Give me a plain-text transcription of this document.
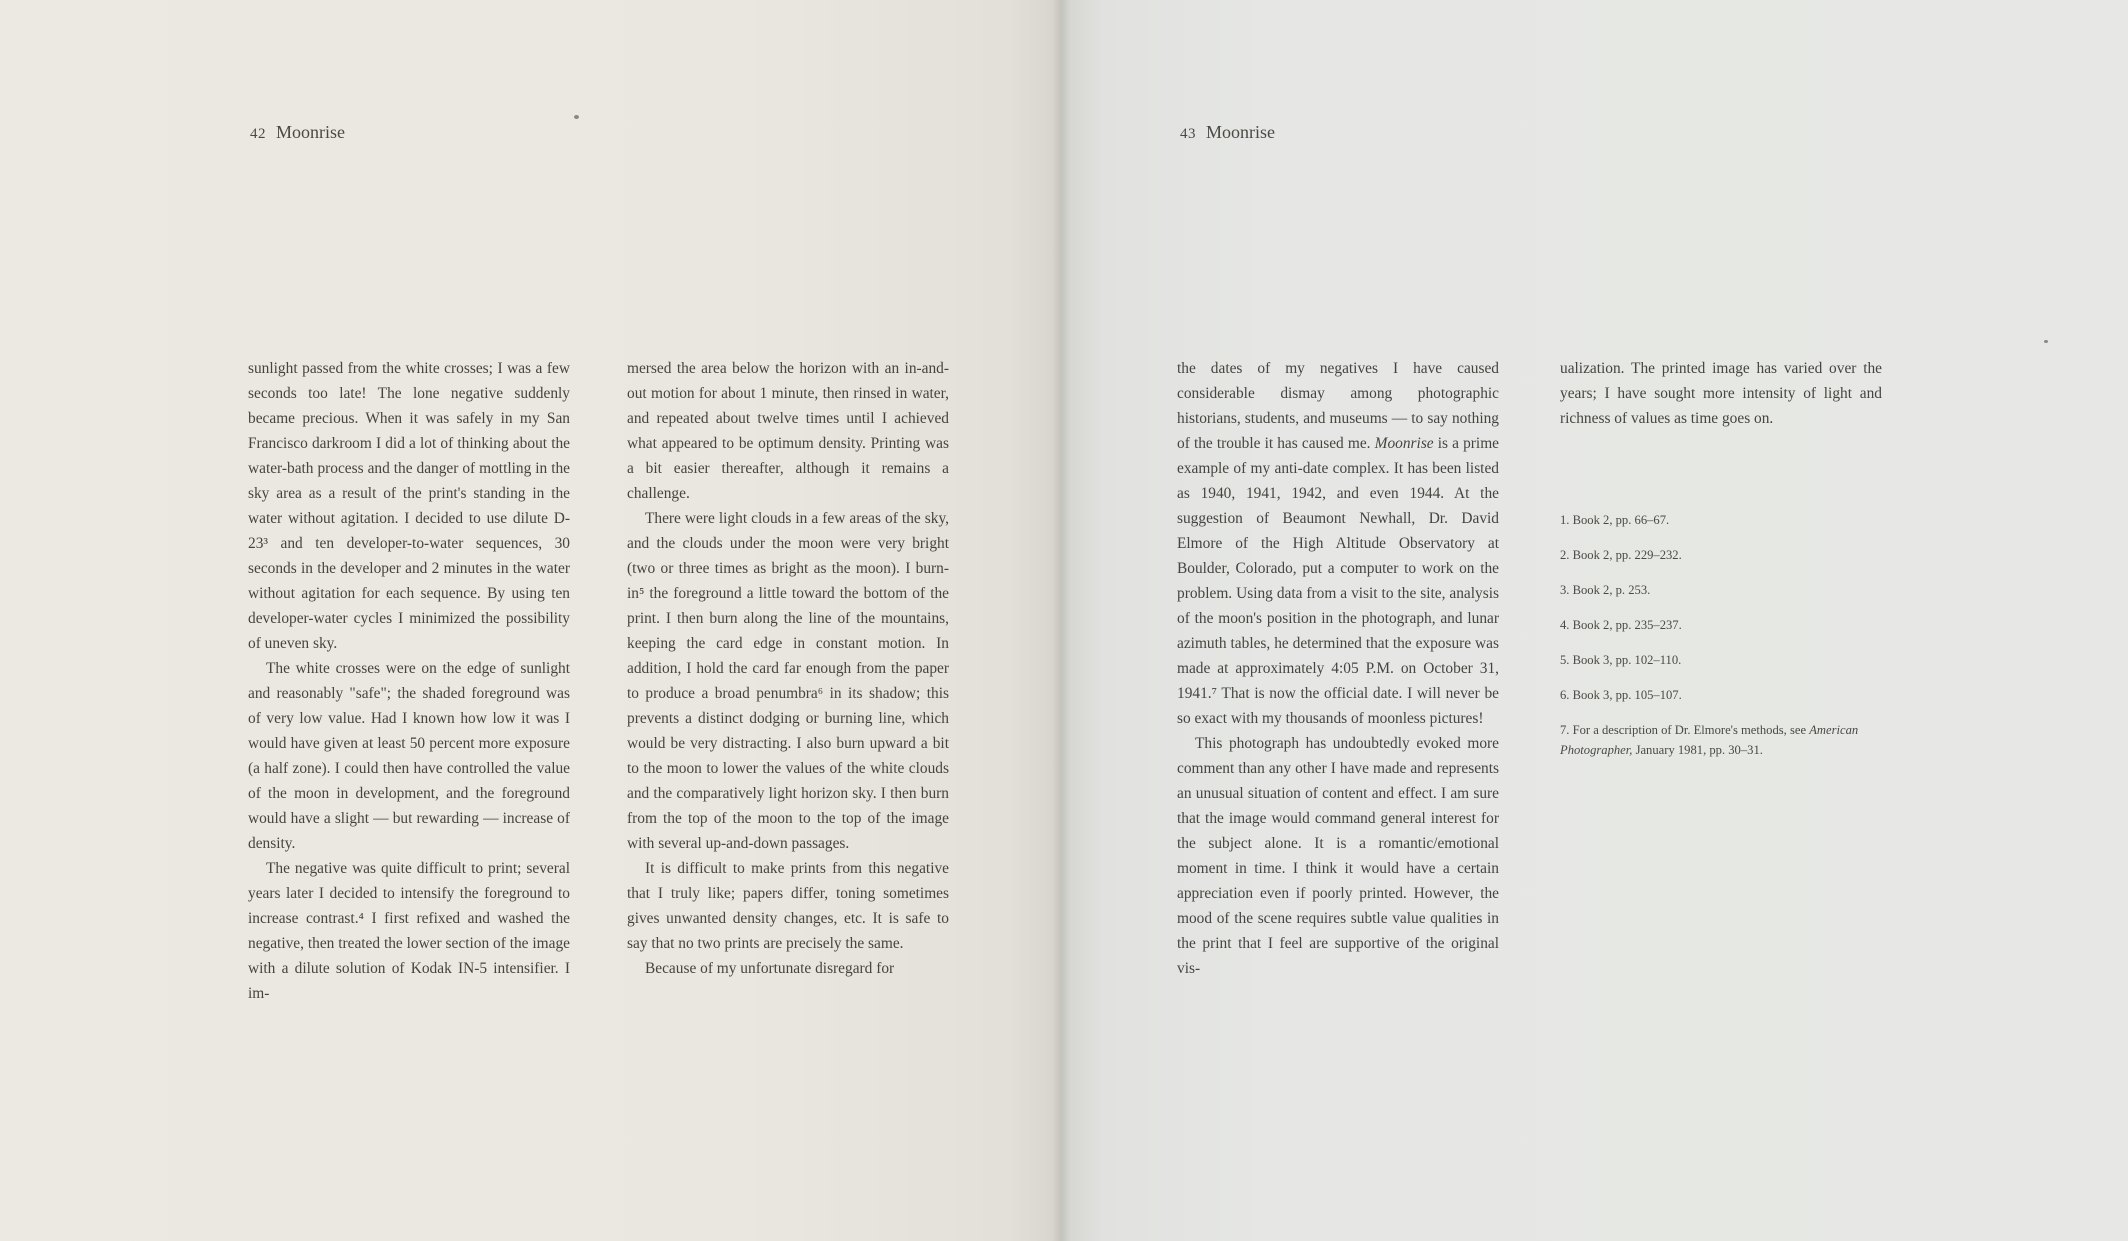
42 Moonrise

sunlight passed from the white crosses; I was a few seconds too late! The lone negative suddenly became precious. When it was safely in my San Francisco darkroom I did a lot of thinking about the water-bath process and the danger of mottling in the sky area as a result of the print's standing in the water without agitation. I decided to use dilute D-23³ and ten developer-to-water sequences, 30 seconds in the developer and 2 minutes in the water without agitation for each sequence. By using ten developer-water cycles I minimized the possibility of uneven sky.

The white crosses were on the edge of sunlight and reasonably "safe"; the shaded foreground was of very low value. Had I known how low it was I would have given at least 50 percent more exposure (a half zone). I could then have controlled the value of the moon in development, and the foreground would have a slight — but rewarding — increase of density.

The negative was quite difficult to print; several years later I decided to intensify the foreground to increase contrast.⁴ I first refixed and washed the negative, then treated the lower section of the image with a dilute solution of Kodak IN-5 intensifier. I im-

mersed the area below the horizon with an in-and-out motion for about 1 minute, then rinsed in water, and repeated about twelve times until I achieved what appeared to be optimum density. Printing was a bit easier thereafter, although it remains a challenge.

There were light clouds in a few areas of the sky, and the clouds under the moon were very bright (two or three times as bright as the moon). I burn-in⁵ the foreground a little toward the bottom of the print. I then burn along the line of the mountains, keeping the card edge in constant motion. In addition, I hold the card far enough from the paper to produce a broad penumbra⁶ in its shadow; this prevents a distinct dodging or burning line, which would be very distracting. I also burn upward a bit to the moon to lower the values of the white clouds and the comparatively light horizon sky. I then burn from the top of the moon to the top of the image with several up-and-down passages.

It is difficult to make prints from this negative that I truly like; papers differ, toning sometimes gives unwanted density changes, etc. It is safe to say that no two prints are precisely the same.

Because of my unfortunate disregard for

43 Moonrise

the dates of my negatives I have caused considerable dismay among photographic historians, students, and museums — to say nothing of the trouble it has caused me. Moonrise is a prime example of my anti-date complex. It has been listed as 1940, 1941, 1942, and even 1944. At the suggestion of Beaumont Newhall, Dr. David Elmore of the High Altitude Observatory at Boulder, Colorado, put a computer to work on the problem. Using data from a visit to the site, analysis of the moon's position in the photograph, and lunar azimuth tables, he determined that the exposure was made at approximately 4:05 P.M. on October 31, 1941.⁷ That is now the official date. I will never be so exact with my thousands of moonless pictures!

This photograph has undoubtedly evoked more comment than any other I have made and represents an unusual situation of content and effect. I am sure that the image would command general interest for the subject alone. It is a romantic/emotional moment in time. I think it would have a certain appreciation even if poorly printed. However, the mood of the scene requires subtle value qualities in the print that I feel are supportive of the original vis-

ualization. The printed image has varied over the years; I have sought more intensity of light and richness of values as time goes on.

1. Book 2, pp. 66–67.
2. Book 2, pp. 229–232.
3. Book 2, p. 253.
4. Book 2, pp. 235–237.
5. Book 3, pp. 102–110.
6. Book 3, pp. 105–107.
7. For a description of Dr. Elmore's methods, see American Photographer, January 1981, pp. 30–31.
